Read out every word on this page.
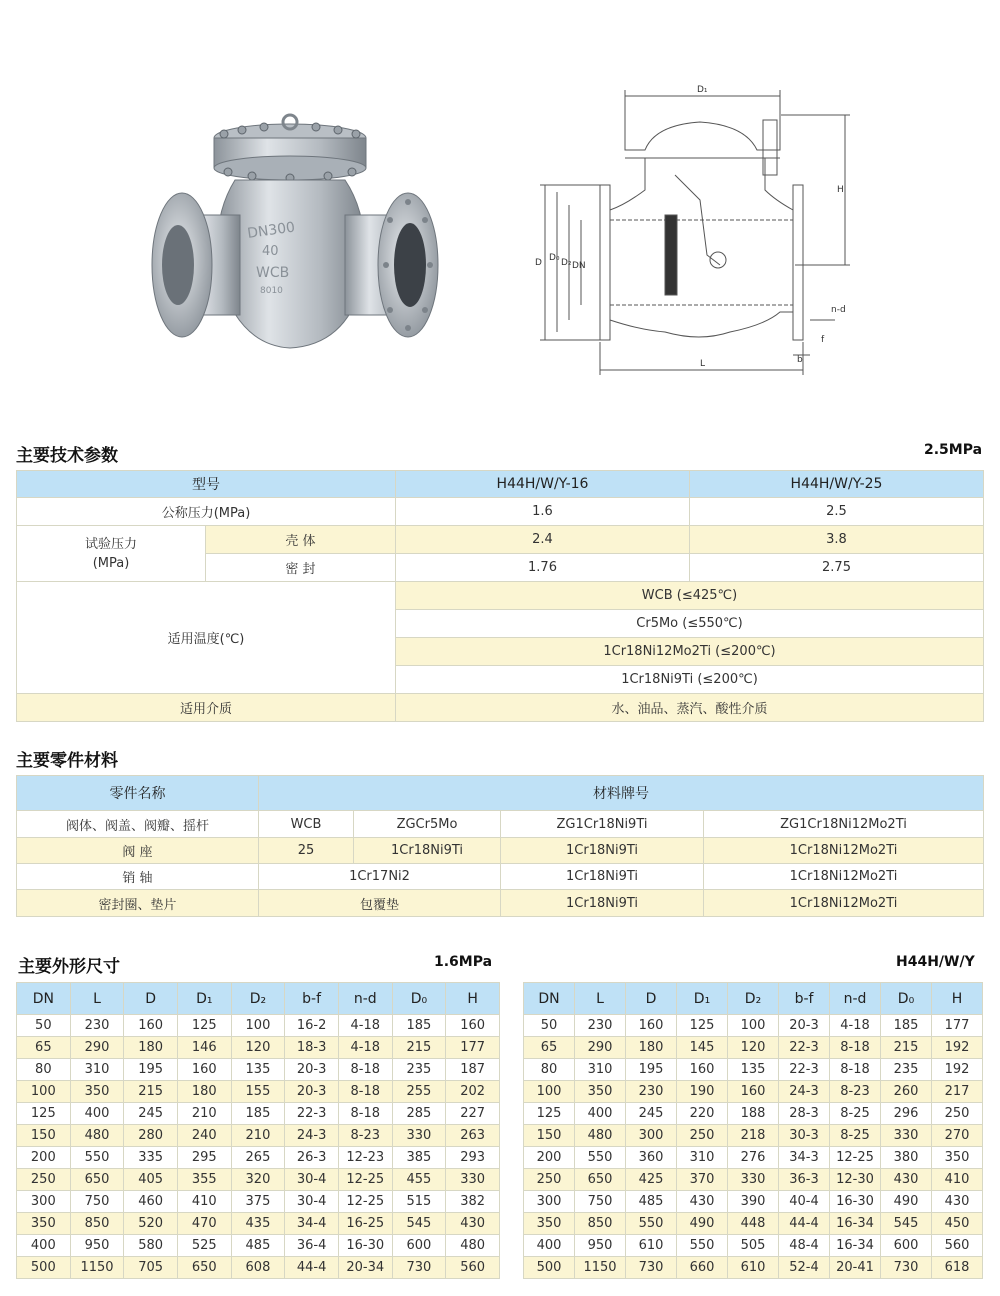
DN300
40
WCB
8010
D₁
H
D D₀ D₂ DN
L
n-d
f
b
主要技术参数	2.5MPa
型号		H44H/W/Y-16	H44H/W/Y-25
公称压力(MPa)		1.6	2.5
试验压力
(MPa)	壳 体	2.4	3.8
	密 封	1.76	2.75
适用温度(℃)		WCB (≤425℃)	
		Cr5Mo (≤550℃)	
		1Cr18Ni12Mo2Ti (≤200℃)	
		1Cr18Ni9Ti (≤200℃)	
适用介质		水、油品、蒸汽、酸性介质	
主要零件材料
零件名称	材料牌号			
阀体、阀盖、阀瓣、摇杆	WCB	ZGCr5Mo	ZG1Cr18Ni9Ti	ZG1Cr18Ni12Mo2Ti
阀 座	25	1Cr18Ni9Ti	1Cr18Ni9Ti	1Cr18Ni12Mo2Ti
销 轴	1Cr17Ni2		1Cr18Ni9Ti	1Cr18Ni12Mo2Ti
密封圈、垫片	包覆垫		1Cr18Ni9Ti	1Cr18Ni12Mo2Ti
主要外形尺寸	1.6MPa	H44H/W/Y
DN	L	D	D₁	D₂	b-f	n-d	D₀	H
50	230	160	125	100	16-2	4-18	185	160
65	290	180	146	120	18-3	4-18	215	177
80	310	195	160	135	20-3	8-18	235	187
100	350	215	180	155	20-3	8-18	255	202
125	400	245	210	185	22-3	8-18	285	227
150	480	280	240	210	24-3	8-23	330	263
200	550	335	295	265	26-3	12-23	385	293
250	650	405	355	320	30-4	12-25	455	330
300	750	460	410	375	30-4	12-25	515	382
350	850	520	470	435	34-4	16-25	545	430
400	950	580	525	485	36-4	16-30	600	480
500	1150	705	650	608	44-4	20-34	730	560
DN	L	D	D₁	D₂	b-f	n-d	D₀	H
50	230	160	125	100	20-3	4-18	185	177
65	290	180	145	120	22-3	8-18	215	192
80	310	195	160	135	22-3	8-18	235	192
100	350	230	190	160	24-3	8-23	260	217
125	400	245	220	188	28-3	8-25	296	250
150	480	300	250	218	30-3	8-25	330	270
200	550	360	310	276	34-3	12-25	380	350
250	650	425	370	330	36-3	12-30	430	410
300	750	485	430	390	40-4	16-30	490	430
350	850	550	490	448	44-4	16-34	545	450
400	950	610	550	505	48-4	16-34	600	560
500	1150	730	660	610	52-4	20-41	730	618
